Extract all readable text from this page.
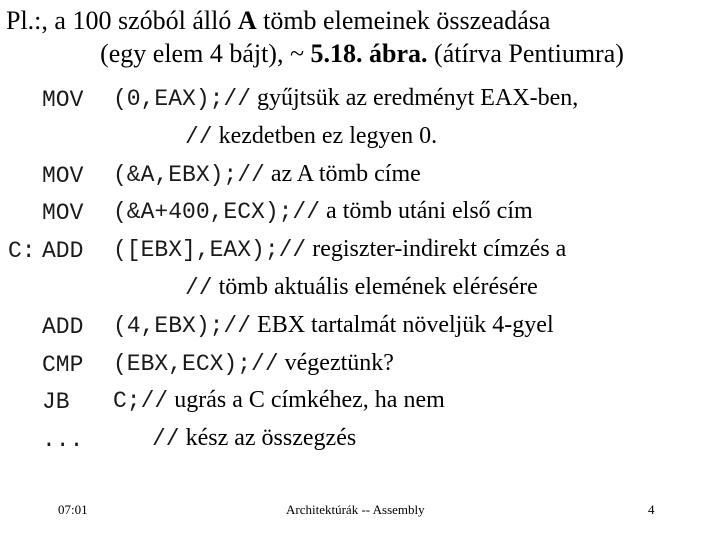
Pl.:, a 100 szóból álló A tömb elemeinek összeadása
(egy elem 4 bájt), ~ 5.18. ábra. (átírva Pentiumra)
MOV (0,EAX);// gyűjtsük az eredményt EAX-ben,
// kezdetben ez legyen 0.
MOV (&A,EBX);// az A tömb címe
MOV (&A+400,ECX);// a tömb utáni első cím
C: ADD ([EBX],EAX);// regiszter-indirekt címzés a
// tömb aktuális elemének elérésére
ADD (4,EBX);// EBX tartalmát növeljük 4-gyel
CMP (EBX,ECX);// végeztünk?
JB C;// ugrás a C címkéhez, ha nem
...	// kész az összegzés
07:01	Architektúrák -- Assembly	4
